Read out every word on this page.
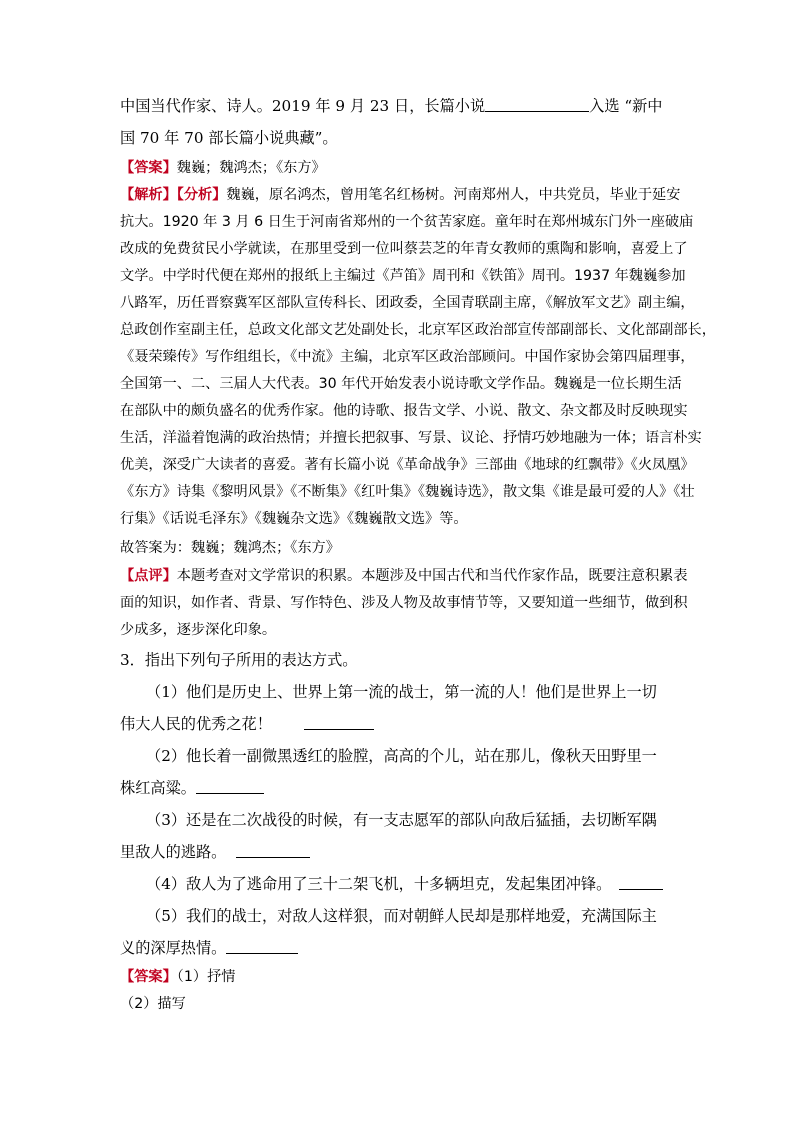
中国当代作家、诗人。2019 年 9 月 23 日，长篇小说	入选 “新中
国 70 年 70 部长篇小说典藏”。
【答案】魏巍；魏鸿杰；《东方》
【解析】【分析】魏巍，原名鸿杰，曾用笔名红杨树。河南郑州人，中共党员，毕业于延安
抗大。1920 年 3 月 6 日生于河南省郑州的一个贫苦家庭。童年时在郑州城东门外一座破庙
改成的免费贫民小学就读，在那里受到一位叫蔡芸芝的年青女教师的熏陶和影响，喜爱上了
文学。中学时代便在郑州的报纸上主编过《芦笛》周刊和《铁笛》周刊。1937 年魏巍参加
八路军，历任晋察冀军区部队宣传科长、团政委，全国青联副主席，《解放军文艺》副主编，
总政创作室副主任，总政文化部文艺处副处长，北京军区政治部宣传部副部长、文化部副部长，
《聂荣臻传》写作组组长，《中流》主编，北京军区政治部顾问。中国作家协会第四届理事，
全国第一、二、三届人大代表。30 年代开始发表小说诗歌文学作品。魏巍是一位长期生活
在部队中的颇负盛名的优秀作家。他的诗歌、报告文学、小说、散文、杂文都及时反映现实
生活，洋溢着饱满的政治热情；并擅长把叙事、写景、议论、抒情巧妙地融为一体；语言朴实
优美，深受广大读者的喜爱。著有长篇小说《革命战争》三部曲《地球的红飘带》《火凤凰》
《东方》诗集《黎明风景》《不断集》《红叶集》《魏巍诗选》，散文集《谁是最可爱的人》《壮
行集》《话说毛泽东》《魏巍杂文选》《魏巍散文选》等。
故答案为：魏巍；魏鸿杰；《东方》
【点评】本题考查对文学常识的积累。本题涉及中国古代和当代作家作品，既要注意积累表
面的知识，如作者、背景、写作特色、涉及人物及故事情节等，又要知道一些细节，做到积
少成多，逐步深化印象。
3．指出下列句子所用的表达方式。
（1）他们是历史上、世界上第一流的战士，第一流的人！他们是世界上一切
伟大人民的优秀之花！
（2）他长着一副微黑透红的脸膛，高高的个儿，站在那儿，像秋天田野里一
株红高粱。
（3）还是在二次战役的时候，有一支志愿军的部队向敌后猛插，去切断军隅
里敌人的逃路。
（4）敌人为了逃命用了三十二架飞机，十多辆坦克，发起集团冲锋。
（5）我们的战士，对敌人这样狠，而对朝鲜人民却是那样地爱，充满国际主
义的深厚热情。
【答案】（1）抒情
（2）描写
